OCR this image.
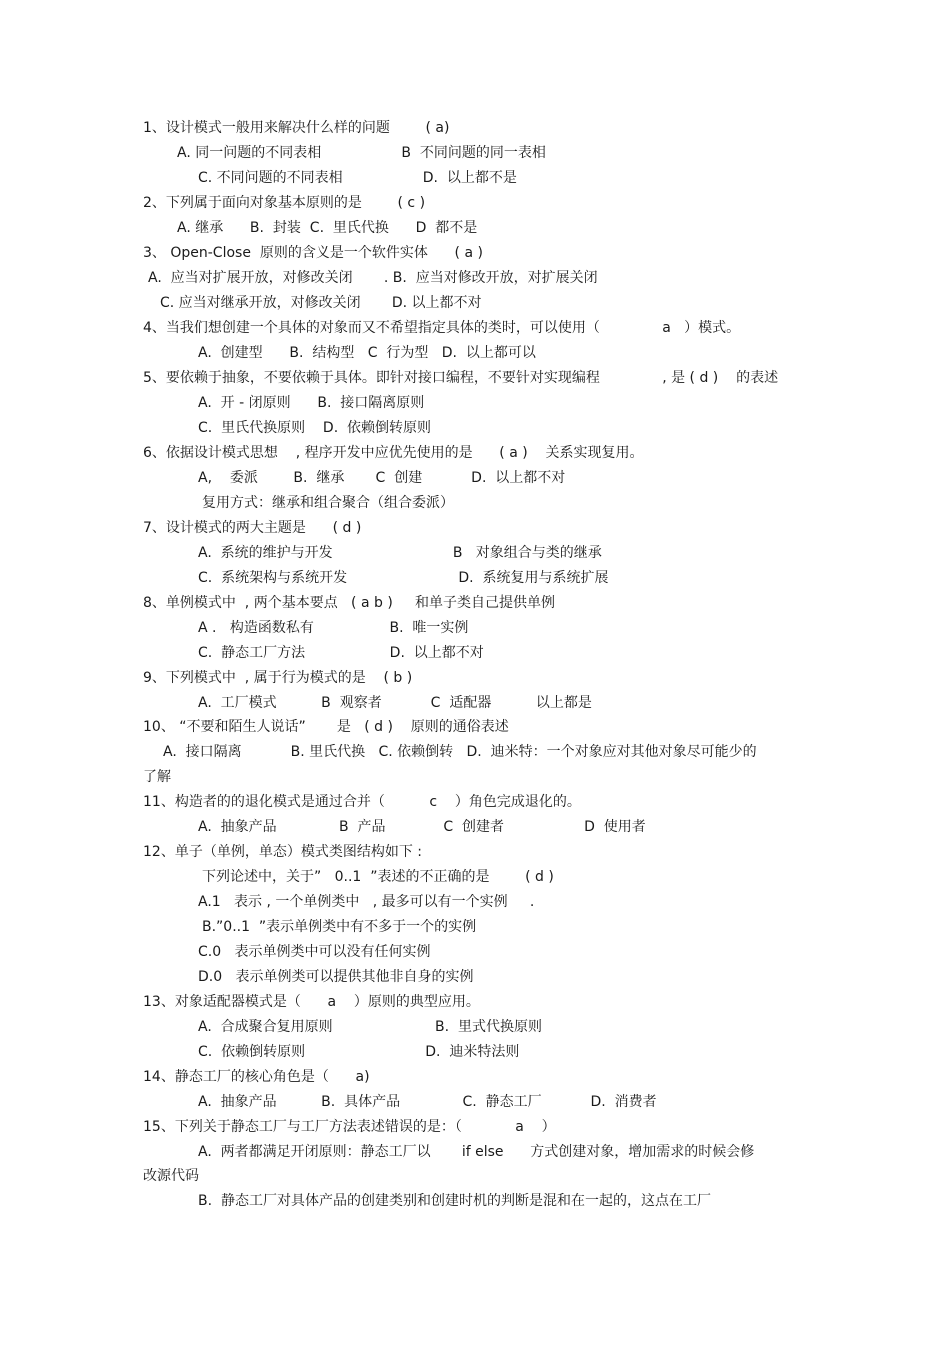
1、设计模式一般用来解决什么样的问题        ( a)
A. 同一问题的不同表相                  B  不同问题的同一表相
C. 不同问题的不同表相                  D.  以上都不是
2、下列属于面向对象基本原则的是        ( c )
A. 继承      B.  封装  C.  里氏代换      D  都不是
3、 Open-Close  原则的含义是一个软件实体      ( a )
A.  应当对扩展开放，对修改关闭       . B.  应当对修改开放，对扩展关闭
C. 应当对继承开放，对修改关闭       D. 以上都不对
4、当我们想创建一个具体的对象而又不希望指定具体的类时，可以使用（              a   ）模式。
A.  创建型      B.  结构型   C  行为型   D.  以上都可以
5、要依赖于抽象，不要依赖于具体。即针对接口编程，不要针对实现编程              , 是 ( d )    的表述
A.  开 - 闭原则      B.  接口隔离原则
C.  里氏代换原则    D.  依赖倒转原则
6、依据设计模式思想    , 程序开发中应优先使用的是      ( a )    关系实现复用。
A,    委派        B.  继承       C  创建           D.  以上都不对
复用方式：继承和组合聚合（组合委派）
7、设计模式的两大主题是      ( d )
A.  系统的维护与开发                           B   对象组合与类的继承
C.  系统架构与系统开发                         D.  系统复用与系统扩展
8、单例模式中  , 两个基本要点   ( a b )     和单子类自己提供单例
A .   构造函数私有                 B.  唯一实例
C.  静态工厂方法                   D.  以上都不对
9、下列模式中  , 属于行为模式的是    ( b )
A.  工厂模式          B  观察者           C  适配器          以上都是
10、 “不要和陌生人说话”       是   ( d )    原则的通俗表述
A.  接口隔离           B. 里氏代换   C. 依赖倒转   D.  迪米特：一个对象应对其他对象尽可能少的
了解
11、构造者的的退化模式是通过合并（          c    ）角色完成退化的。
A.  抽象产品              B  产品             C  创建者                  D  使用者
12、单子（单例，单态）模式类图结构如下 :
下列论述中，关于”   0..1  ”表述的不正确的是        ( d )
A.1   表示 , 一个单例类中   , 最多可以有一个实例     .
B.”0..1  ”表示单例类中有不多于一个的实例
C.0   表示单例类中可以没有任何实例
D.0   表示单例类可以提供其他非自身的实例
13、对象适配器模式是（      a    ）原则的典型应用。
A.  合成聚合复用原则                       B.  里式代换原则
C.  依赖倒转原则                           D.  迪米特法则
14、静态工厂的核心角色是（      a)
A.  抽象产品          B.  具体产品              C.  静态工厂           D.  消费者
15、下列关于静态工厂与工厂方法表述错误的是：（            a    ）
A.  两者都满足开闭原则：静态工厂以       if else      方式创建对象，增加需求的时候会修
改源代码
B.  静态工厂对具体产品的创建类别和创建时机的判断是混和在一起的，这点在工厂
